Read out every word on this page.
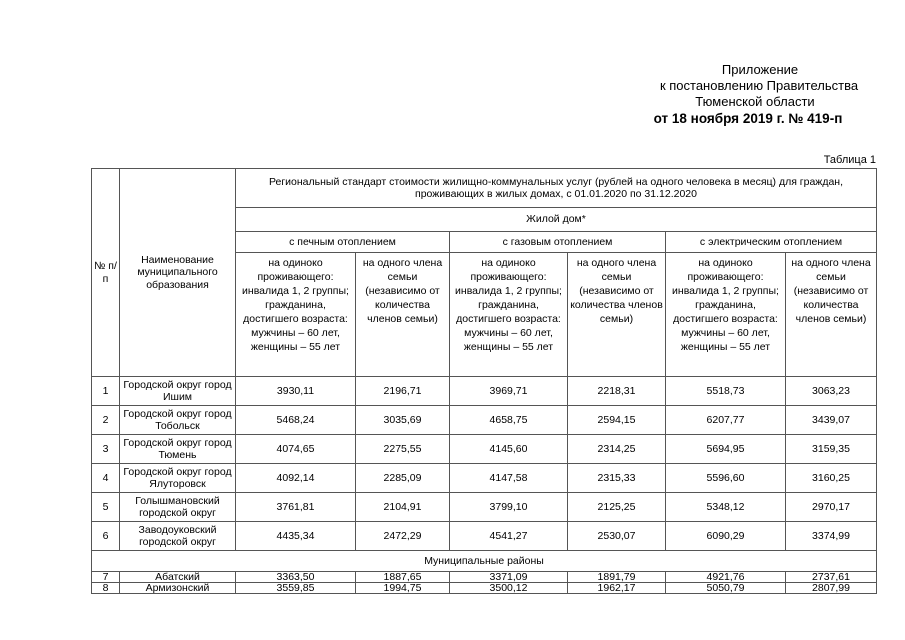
Приложение
к постановлению Правительства
Тюменской области
от 18 ноября 2019 г. № 419-п
Таблица 1
№ п/п	Наименование муниципального образования	Региональный стандарт стоимости жилищно-коммунальных услуг (рублей на одного человека в месяц) для граждан, проживающих в жилых домах, с 01.01.2020 по 31.12.2020					
		Жилой дом*					
		с печным отоплением		с газовым отоплением		с электрическим отоплением	
		на одиноко проживающего: инвалида 1, 2 группы; гражданина, достигшего возраста: мужчины – 60 лет, женщины – 55 лет	на одного члена семьи (независимо от количества членов семьи)	на одиноко проживающего: инвалида 1, 2 группы; гражданина, достигшего возраста: мужчины – 60 лет, женщины – 55 лет	на одного члена семьи (независимо от количества членов семьи)	на одиноко проживающего: инвалида 1, 2 группы; гражданина, достигшего возраста: мужчины – 60 лет, женщины – 55 лет	на одного члена семьи (независимо от количества членов семьи)
1	Городской округ город Ишим	3930,11	2196,71	3969,71	2218,31	5518,73	3063,23
2	Городской округ город Тобольск	5468,24	3035,69	4658,75	2594,15	6207,77	3439,07
3	Городской округ город Тюмень	4074,65	2275,55	4145,60	2314,25	5694,95	3159,35
4	Городской округ город Ялуторовск	4092,14	2285,09	4147,58	2315,33	5596,60	3160,25
5	Голышмановский городской округ	3761,81	2104,91	3799,10	2125,25	5348,12	2970,17
6	Заводоуковский городской округ	4435,34	2472,29	4541,27	2530,07	6090,29	3374,99
Муниципальные районы							
7	Абатский	3363,50	1887,65	3371,09	1891,79	4921,76	2737,61
8	Армизонский	3559,85	1994,75	3500,12	1962,17	5050,79	2807,99
